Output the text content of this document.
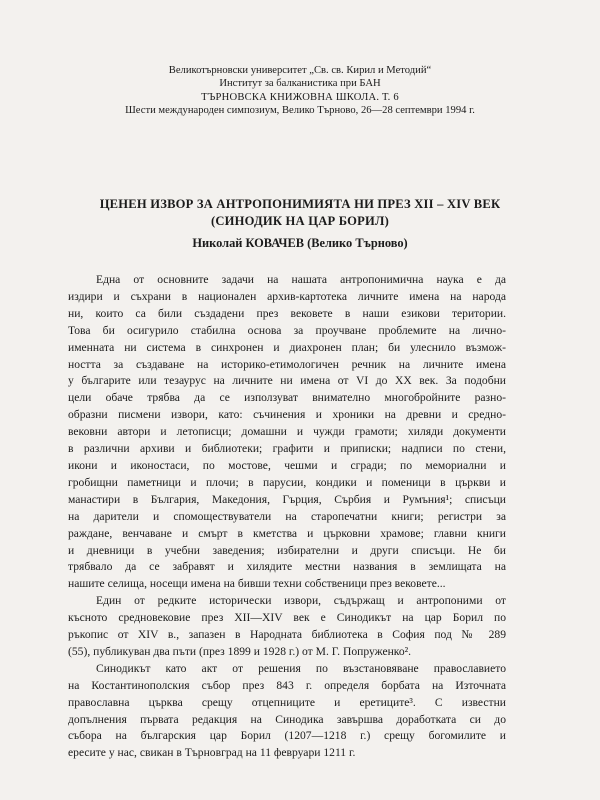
Великотърновски университет „Св. св. Кирил и Методий“
Институт за балканистика при БАН
ТЪРНОВСКА КНИЖОВНА ШКОЛА. Т. 6
Шести международен симпозиум, Велико Търново, 26—28 септември 1994 г.
ЦЕНЕН ИЗВОР ЗА АНТРОПОНИМИЯТА НИ ПРЕЗ XII – XIV ВЕК
(СИНОДИК НА ЦАР БОРИЛ)
Николай КОВАЧЕВ (Велико Търново)
Една от основните задачи на нашата антропонимична наука е да
издири и съхрани в национален архив-картотека личните имена на народа
ни, които са били създадени през вековете в наши езикови територии.
Това би осигурило стабилна основа за проучване проблемите на лично-
именната ни система в синхронен и диахронен план; би улеснило възмож-
ността за създаване на историко-етимологичен речник на личните имена
у българите или тезаурус на личните ни имена от VI до XX век. За подобни
цели обаче трябва да се използуват внимателно многобройните разно-
образни писмени извори, като: съчинения и хроники на древни и средно-
вековни автори и летописци; домашни и чужди грамоти; хиляди документи
в различни архиви и библиотеки; графити и приписки; надписи по стени,
икони и иконостаси, по мостове, чешми и сгради; по мемориални и
гробищни паметници и плочи; в парусии, кондики и поменици в църкви и
манастири в България, Македония, Гърция, Сърбия и Румъния¹; списъци
на дарители и спомоществуватели на старопечатни книги; регистри за
раждане, венчаване и смърт в кметства и църковни храмове; главни книги
и дневници в учебни заведения; избирателни и други списъци. Не би
трябвало да се забравят и хилядите местни названия в землищата на
нашите селища, носещи имена на бивши техни собственици през вековете...
Един от редките исторически извори, съдържащ и антропоними от
късното средновековие през XII—XIV век е Синодикът на цар Борил по
ръкопис от XIV в., запазен в Народната библиотека в София под № 289
(55), публикуван два пъти (през 1899 и 1928 г.) от М. Г. Попруженко².
Синодикът като акт от решения по възстановяване православието
на Костантинополския събор през 843 г. определя борбата на Източната
православна църква срещу отцепниците и еретиците³. С известни
допълнения първата редакция на Синодика завършва доработката си до
събора на българския цар Борил (1207—1218 г.) срещу богомилите и
ересите у нас, свикан в Търновград на 11 февруари 1211 г.
